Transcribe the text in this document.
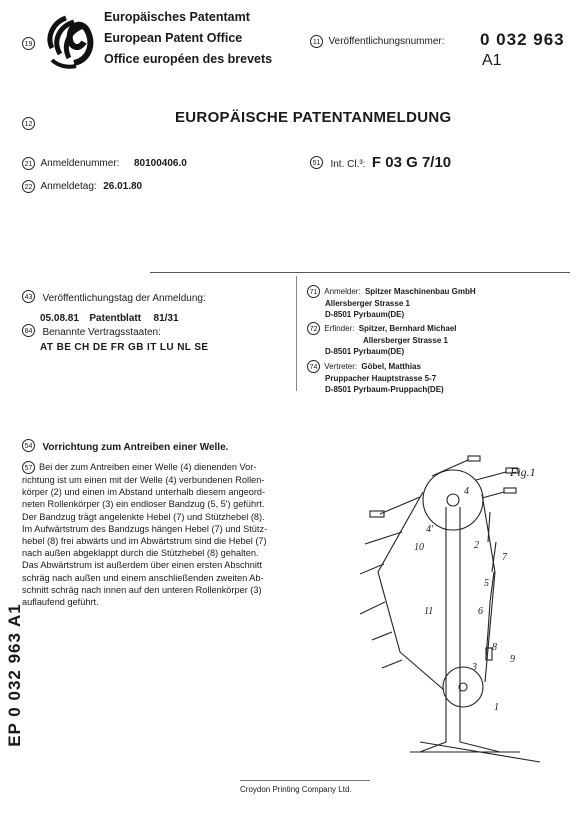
19
Europäisches Patentamt
European Patent Office
Office européen des brevets
11 Veröffentlichungsnummer: 0 032 963
A1
12	EUROPÄISCHE PATENTANMELDUNG
21 Anmeldenummer: 80100406.0
22 Anmeldetag: 26.01.80
51 Int. Cl.³: F 03 G 7/10
43 Veröffentlichungstag der Anmeldung:
05.08.81 Patentblatt 81/31
84 Benannte Vertragsstaaten:
AT BE CH DE FR GB IT LU NL SE
71 Anmelder: Spitzer Maschinenbau GmbH
Allersberger Strasse 1
D-8501 Pyrbaum(DE)
72 Erfinder: Spitzer, Bernhard Michael
Allersberger Strasse 1
D-8501 Pyrbaum(DE)
74 Vertreter: Göbel, Matthias
Pruppacher Hauptstrasse 5-7
D-8501 Pyrbaum-Pruppach(DE)
54 Vorrichtung zum Antreiben einer Welle.
57 Bei der zum Antreiben einer Welle (4) dienenden Vor-
richtung ist um einen mit der Welle (4) verbundenen Rollen-
körper (2) und einen im Abstand unterhalb diesem angeord-
neten Rollenkörper (3) ein endloser Bandzug (5, 5') geführt.
Der Bandzug trägt angelenkte Hebel (7) und Stützhebel (8).
Im Aufwärtstrum des Bandzugs hängen Hebel (7) und Stütz-
hebel (8) frei abwärts und im Abwärtstrum sind die Hebel (7)
nach außen abgeklappt durch die Stützhebel (8) gehalten.
Das Abwärtstrum ist außerdem über einen ersten Abschnitt
schräg nach außen und einem anschließenden zweiten Ab-
schnitt schräg nach innen auf den unteren Rollenkörper (3)
auflaufend geführt.
EP 0 032 963 A1
Fig.1
4
4'
2
10
7
5
11	6
8
3
9
1
Croydon Printing Company Ltd.
